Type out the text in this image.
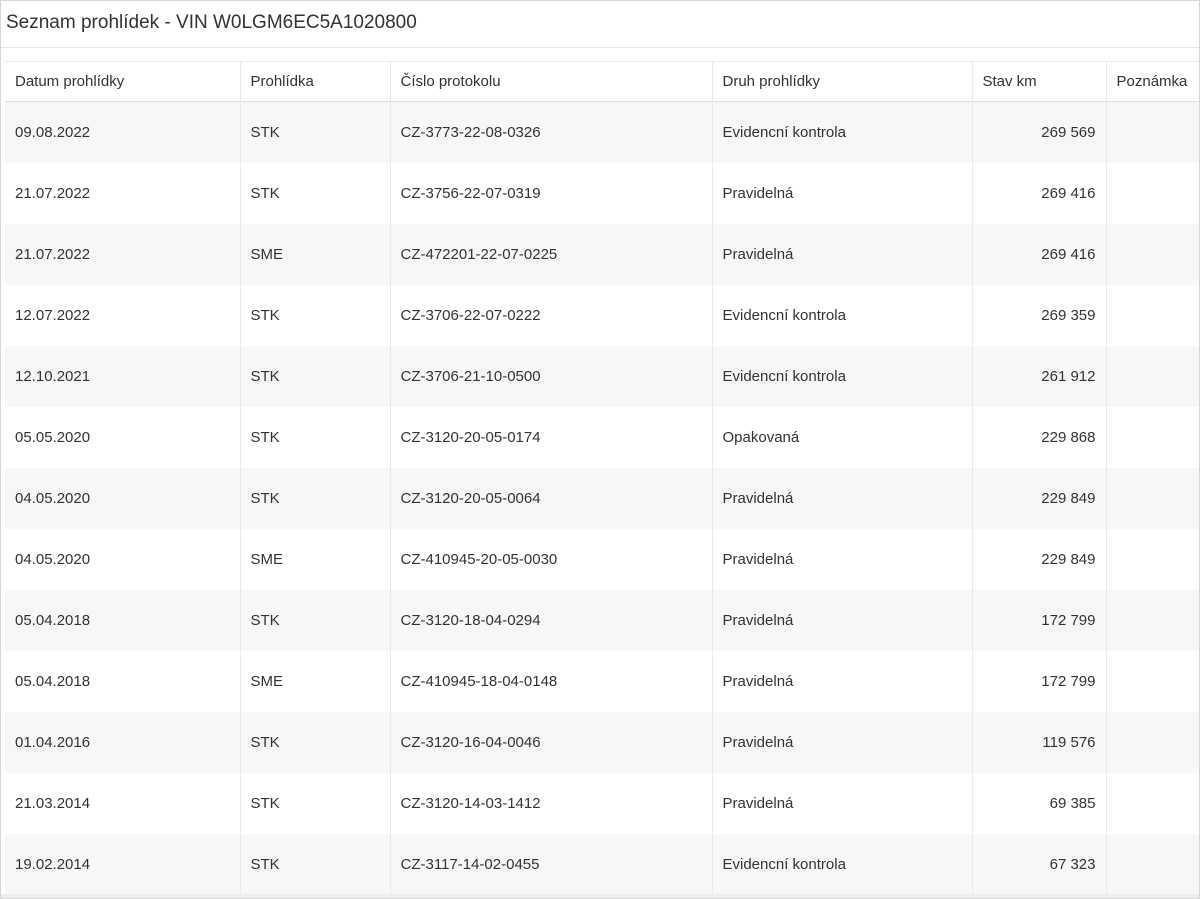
Seznam prohlídek - VIN W0LGM6EC5A1020800
Datum prohlídky	Prohlídka	Číslo protokolu	Druh prohlídky	Stav km	Poznámka
09.08.2022	STK	CZ-3773-22-08-0326	Evidencní kontrola	269 569	
21.07.2022	STK	CZ-3756-22-07-0319	Pravidelná	269 416	
21.07.2022	SME	CZ-472201-22-07-0225	Pravidelná	269 416	
12.07.2022	STK	CZ-3706-22-07-0222	Evidencní kontrola	269 359	
12.10.2021	STK	CZ-3706-21-10-0500	Evidencní kontrola	261 912	
05.05.2020	STK	CZ-3120-20-05-0174	Opakovaná	229 868	
04.05.2020	STK	CZ-3120-20-05-0064	Pravidelná	229 849	
04.05.2020	SME	CZ-410945-20-05-0030	Pravidelná	229 849	
05.04.2018	STK	CZ-3120-18-04-0294	Pravidelná	172 799	
05.04.2018	SME	CZ-410945-18-04-0148	Pravidelná	172 799	
01.04.2016	STK	CZ-3120-16-04-0046	Pravidelná	119 576	
21.03.2014	STK	CZ-3120-14-03-1412	Pravidelná	69 385	
19.02.2014	STK	CZ-3117-14-02-0455	Evidencní kontrola	67 323	
